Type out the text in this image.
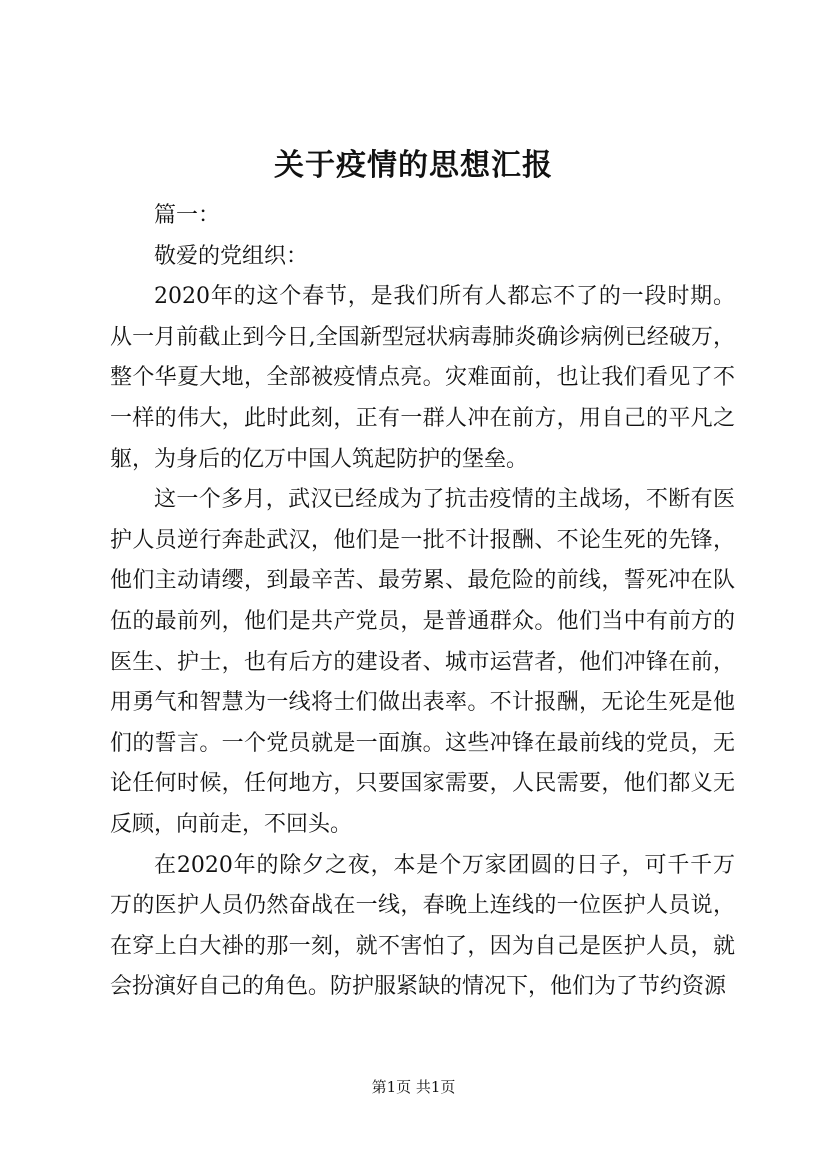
关于疫情的思想汇报

篇一：

敬爱的党组织：

2020年的这个春节，是我们所有人都忘不了的一段时期。从一月前截止到今日,全国新型冠状病毒肺炎确诊病例已经破万，整个华夏大地，全部被疫情点亮。灾难面前，也让我们看见了不一样的伟大，此时此刻，正有一群人冲在前方，用自己的平凡之躯，为身后的亿万中国人筑起防护的堡垒。

这一个多月，武汉已经成为了抗击疫情的主战场，不断有医护人员逆行奔赴武汉，他们是一批不计报酬、不论生死的先锋，他们主动请缨，到最辛苦、最劳累、最危险的前线，誓死冲在队伍的最前列，他们是共产党员，是普通群众。他们当中有前方的医生、护士，也有后方的建设者、城市运营者，他们冲锋在前，用勇气和智慧为一线将士们做出表率。不计报酬，无论生死是他们的誓言。一个党员就是一面旗。这些冲锋在最前线的党员，无论任何时候，任何地方，只要国家需要，人民需要，他们都义无反顾，向前走，不回头。

在2020年的除夕之夜，本是个万家团圆的日子，可千千万万的医护人员仍然奋战在一线，春晚上连线的一位医护人员说，在穿上白大褂的那一刻，就不害怕了，因为自己是医护人员，就会扮演好自己的角色。防护服紧缺的情况下，他们为了节约资源

第1页 共1页
